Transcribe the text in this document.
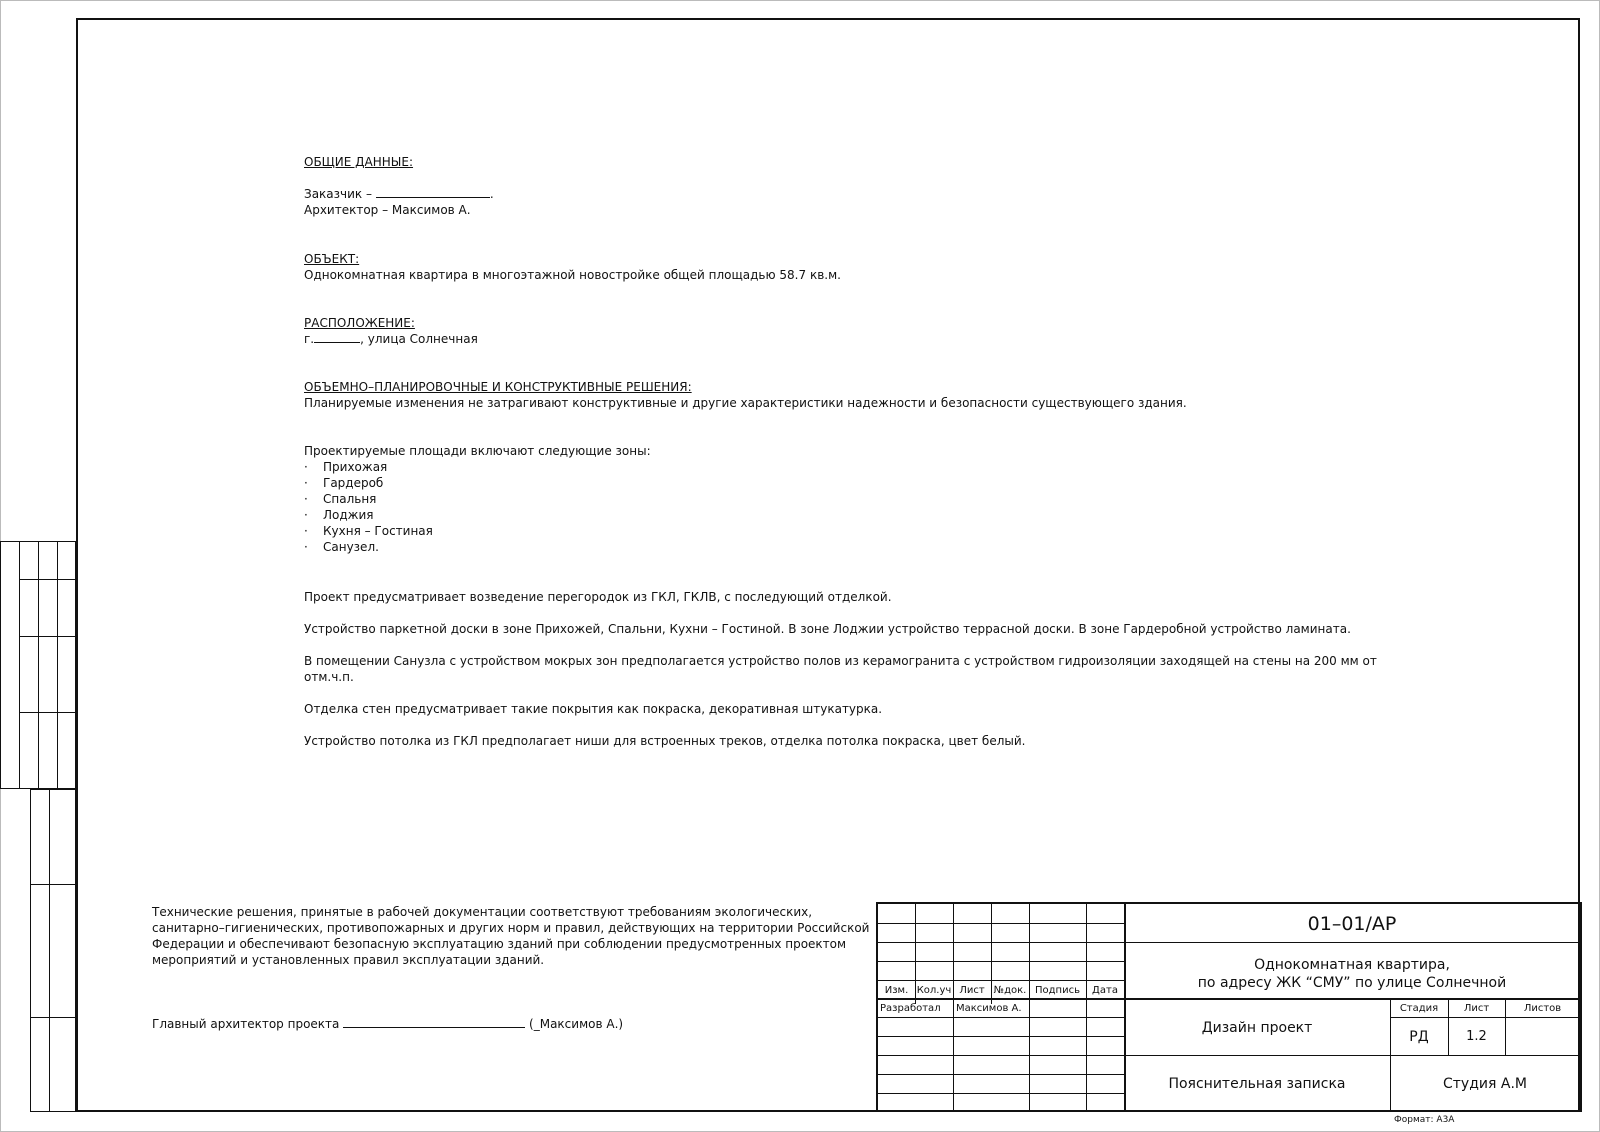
ОБЩИЕ ДАННЫЕ:
Заказчик –	.
Архитектор – Максимов А.
ОБЪЕКТ:
Однокомнатная квартира в многоэтажной новостройке общей площадью 58.7 кв.м.
РАСПОЛОЖЕНИЕ:
г.	, улица Солнечная
ОБЪЕМНО–ПЛАНИРОВОЧНЫЕ И КОНСТРУКТИВНЫЕ РЕШЕНИЯ:
Планируемые изменения не затрагивают конструктивные и другие характеристики надежности и безопасности существующего здания.
Проектируемые площади включают следующие зоны:
· Прихожая
· Гардероб
· Спальня
· Лоджия
· Кухня – Гостиная
· Санузел.
Проект предусматривает возведение перегородок из ГКЛ, ГКЛВ, с последующий отделкой.
Устройство паркетной доски в зоне Прихожей, Спальни, Кухни – Гостиной. В зоне Лоджии устройство террасной доски. В зоне Гардеробной устройство ламината.
В помещении Санузла с устройством мокрых зон предполагается устройство полов из керамогранита с устройством гидроизоляции заходящей на стены на 200 мм от
отм.ч.п.
Отделка стен предусматривает такие покрытия как покраска, декоративная штукатурка.
Устройство потолка из ГКЛ предполагает ниши для встроенных треков, отделка потолка покраска, цвет белый.
Технические решения, принятые в рабочей документации соответствуют требованиям экологических,
санитарно–гигиенических, противопожарных и других норм и правил, действующих на территории Российской
Федерации и обеспечивают безопасную эксплуатацию зданий при соблюдении предусмотренных проектом
мероприятий и установленных правил эксплуатации зданий.
Главный архитектор проекта	(_Максимов А.)
Изм. Кол.уч Лист №док. Подпись	Дата
Разработал Максимов А.
01–01/АР
Однокомнатная квартира,
по адресу ЖК “СМУ” по улице Солнечной
Дизайн проект
Стадия	Лист	Листов
РД	1.2
Пояснительная записка	Студия А.М
Формат: А3А
